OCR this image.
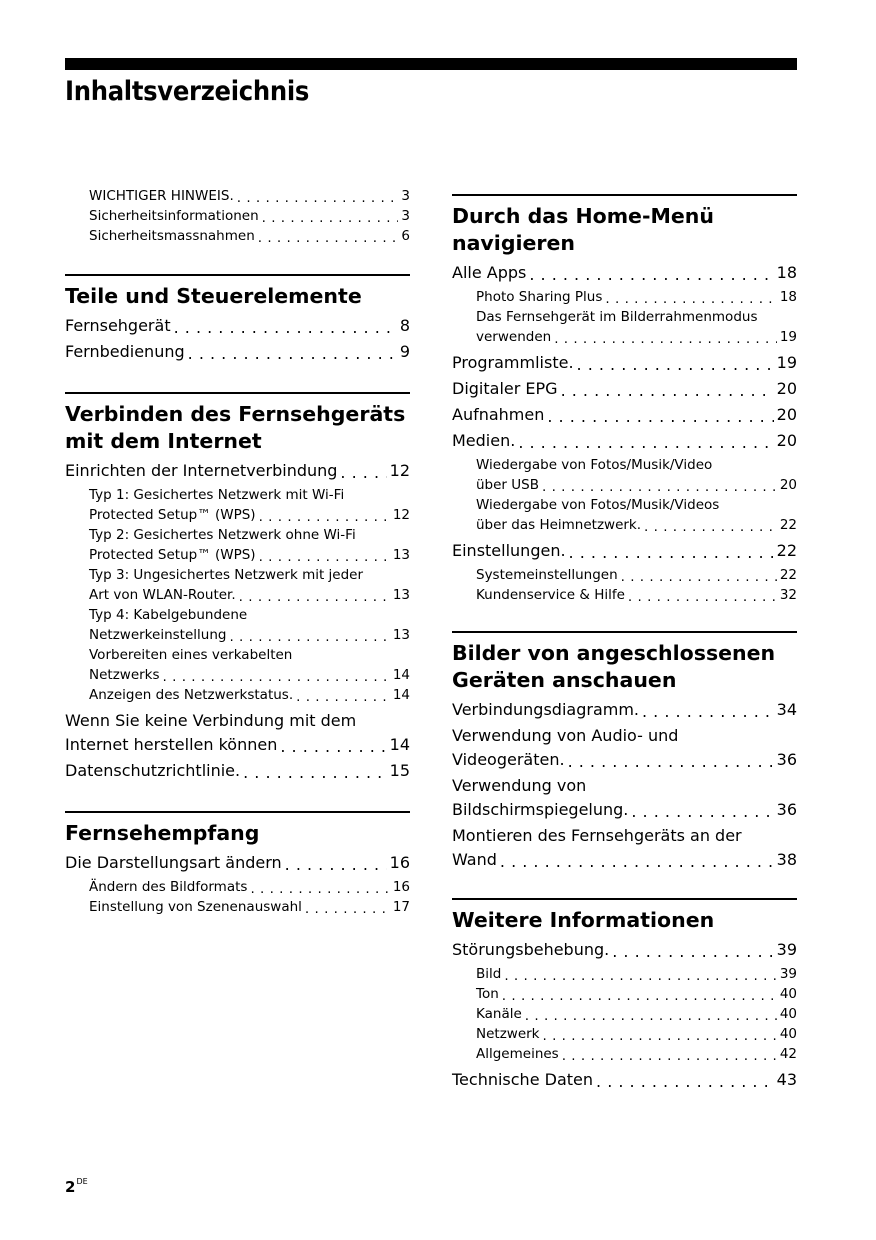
Inhaltsverzeichnis
WICHTIGER HINWEIS. . . .	3
Sicherheitsinformationen . . .	3
Sicherheitsmassnahmen . . .	6
Teile und Steuerelemente
Fernsehgerät . . .	8
Fernbedienung . . .	9
Verbinden des Fernsehgeräts
mit dem Internet
Einrichten der Internetverbindung . . .	12
Typ 1: Gesichertes Netzwerk mit Wi-Fi
Protected Setup™ (WPS) . . .	12
Typ 2: Gesichertes Netzwerk ohne Wi-Fi
Protected Setup™ (WPS) . . .	13
Typ 3: Ungesichertes Netzwerk mit jeder
Art von WLAN-Router. . . .	13
Typ 4: Kabelgebundene
Netzwerkeinstellung . . .	13
Vorbereiten eines verkabelten
Netzwerks . . .	14
Anzeigen des Netzwerkstatus. . . .	14
Wenn Sie keine Verbindung mit dem
Internet herstellen können . . .	14
Datenschutzrichtlinie. . . .	15
Fernsehempfang
Die Darstellungsart ändern . . .	16
Ändern des Bildformats . . .	16
Einstellung von Szenenauswahl . . .	17
Durch das Home-Menü
navigieren
Alle Apps . . .	18
Photo Sharing Plus . . .	18
Das Fernsehgerät im Bilderrahmenmodus
verwenden . . .	19
Programmliste. . . .	19
Digitaler EPG . . .	20
Aufnahmen . . .	20
Medien. . . .	20
Wiedergabe von Fotos/Musik/Video
über USB . . .	20
Wiedergabe von Fotos/Musik/Videos
über das Heimnetzwerk. . . .	22
Einstellungen. . . .	22
Systemeinstellungen . . .	22
Kundenservice & Hilfe . . .	32
Bilder von angeschlossenen
Geräten anschauen
Verbindungsdiagramm. . . .	34
Verwendung von Audio- und
Videogeräten. . . .	36
Verwendung von
Bildschirmspiegelung. . . .	36
Montieren des Fernsehgeräts an der
Wand . . .	38
Weitere Informationen
Störungsbehebung. . . .	39
Bild . . .	39
Ton . . .	40
Kanäle . . .	40
Netzwerk . . .	40
Allgemeines . . .	42
Technische Daten . . .	43
2DE
